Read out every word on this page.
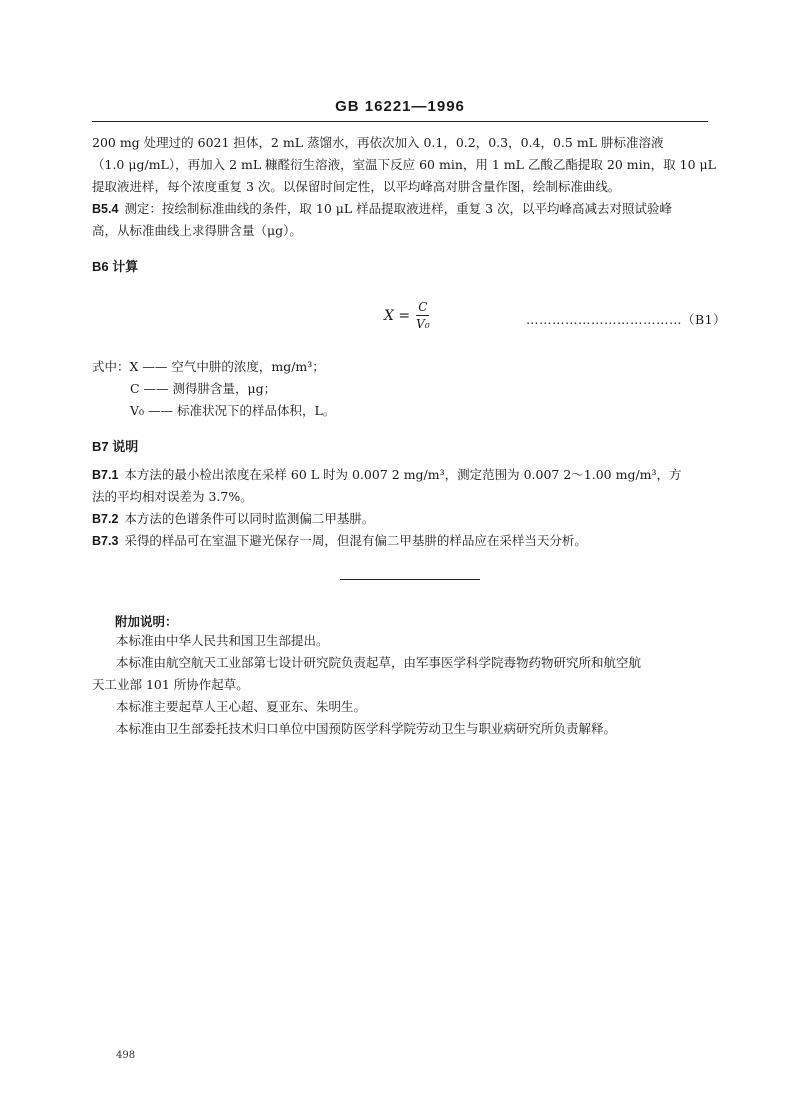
GB 16221—1996

200 mg 处理过的 6021 担体，2 mL 蒸馏水，再依次加入 0.1，0.2，0.3，0.4，0.5 mL 肼标准溶液

（1.0 μg/mL），再加入 2 mL 糠醛衍生溶液，室温下反应 60 min，用 1 mL 乙酸乙酯提取 20 min，取 10 μL

提取液进样，每个浓度重复 3 次。以保留时间定性，以平均峰高对肼含量作图，绘制标准曲线。

B5.4 测定：按绘制标准曲线的条件，取 10 μL 样品提取液进样，重复 3 次，以平均峰高减去对照试验峰

高，从标准曲线上求得肼含量（μg）。

B6 计算
$X = \frac{C}{\text{V₀}}$	………………………………（B1）
式中：X —— 空气中肼的浓度，mg/m³；
C —— 测得肼含量，μg；
V₀ —— 标准状况下的样品体积，L。
B7 说明

B7.1 本方法的最小检出浓度在采样 60 L 时为 0.007 2 mg/m³，测定范围为 0.007 2～1.00 mg/m³，方

法的平均相对误差为 3.7%。

B7.2 本方法的色谱条件可以同时监测偏二甲基肼。

B7.3 采得的样品可在室温下避光保存一周，但混有偏二甲基肼的样品应在采样当天分析。

附加说明：

本标准由中华人民共和国卫生部提出。

本标准由航空航天工业部第七设计研究院负责起草，由军事医学科学院毒物药物研究所和航空航

天工业部 101 所协作起草。

本标准主要起草人王心超、夏亚东、朱明生。

本标准由卫生部委托技术归口单位中国预防医学科学院劳动卫生与职业病研究所负责解释。

498
